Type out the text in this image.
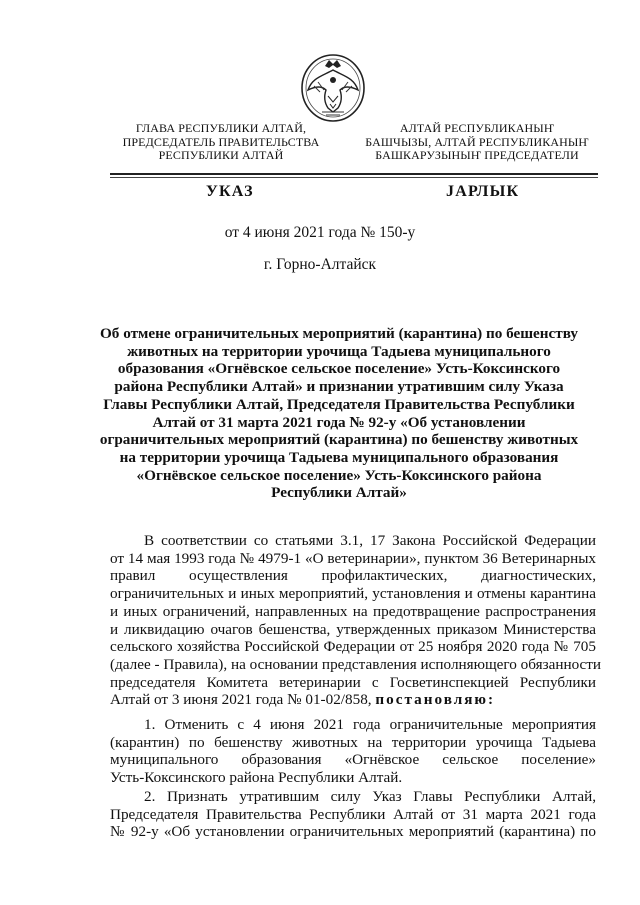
ГЛАВА РЕСПУБЛИКИ АЛТАЙ,
ПРЕДСЕДАТЕЛЬ ПРАВИТЕЛЬСТВА
РЕСПУБЛИКИ АЛТАЙ
АЛТАЙ РЕСПУБЛИКАНЫҤ
БАШЧЫЗЫ, АЛТАЙ РЕСПУБЛИКАНЫҤ
БАШКАРУЗЫНЫҤ ПРЕДСЕДАТЕЛИ
УКАЗ	ЈАРЛЫК
от 4 июня 2021 года № 150-у
г. Горно-Алтайск
Об отмене ограничительных мероприятий (карантина) по бешенству
животных на территории урочища Тадыева муниципального
образования «Огнёвское сельское поселение» Усть-Коксинского
района Республики Алтай» и признании утратившим силу Указа
Главы Республики Алтай, Председателя Правительства Республики
Алтай от 31 марта 2021 года № 92-у «Об установлении
ограничительных мероприятий (карантина) по бешенству животных
на территории урочища Тадыева муниципального образования
«Огнёвское сельское поселение» Усть-Коксинского района
Республики Алтай»
В соответствии со статьями 3.1, 17 Закона Российской Федерации
от 14 мая 1993 года № 4979-1 «О ветеринарии», пунктом 36 Ветеринарных
правил осуществления профилактических, диагностических,
ограничительных и иных мероприятий, установления и отмены карантина
и иных ограничений, направленных на предотвращение распространения
и ликвидацию очагов бешенства, утвержденных приказом Министерства
сельского хозяйства Российской Федерации от 25 ноября 2020 года № 705
(далее - Правила), на основании представления исполняющего обязанности
председателя Комитета ветеринарии с Госветинспекцией Республики
Алтай от 3 июня 2021 года № 01-02/858, постановляю:
1. Отменить с 4 июня 2021 года ограничительные мероприятия
(карантин) по бешенству животных на территории урочища Тадыева
муниципального образования «Огнёвское сельское поселение»
Усть-Коксинского района Республики Алтай.
2. Признать утратившим силу Указ Главы Республики Алтай,
Председателя Правительства Республики Алтай от 31 марта 2021 года
№ 92-у «Об установлении ограничительных мероприятий (карантина) по
